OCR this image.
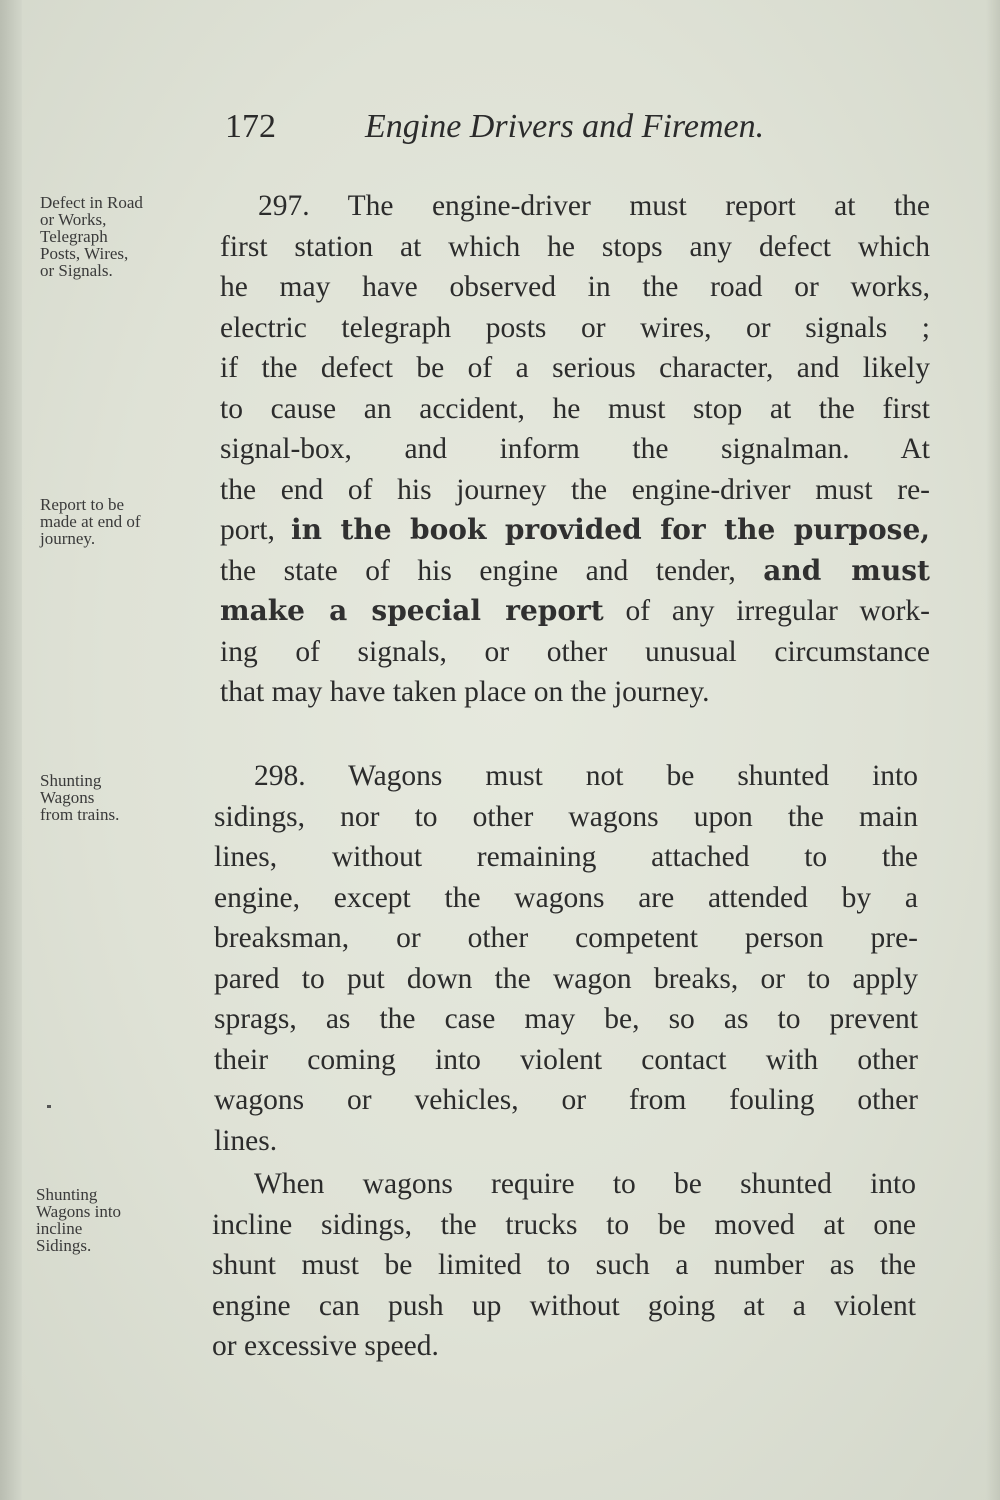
172	Engine Drivers and Firemen.
Defect in Road
or Works,
Telegraph
Posts, Wires,
or Signals.
Report to be
made at end of
journey.
Shunting
Wagons
from trains.
Shunting
Wagons into
incline
Sidings.
297. The engine-driver must report at the
first station at which he stops any defect which
he may have observed in the road or works,
electric telegraph posts or wires, or signals ;
if the defect be of a serious character, and likely
to cause an accident, he must stop at the first
signal-box, and inform the signalman. At
the end of his journey the engine-driver must re-
port, in the book provided for the purpose,
the state of his engine and tender, and must
make a special report of any irregular work-
ing of signals, or other unusual circumstance
that may have taken place on the journey.
298. Wagons must not be shunted into
sidings, nor to other wagons upon the main
lines, without remaining attached to the
engine, except the wagons are attended by a
breaksman, or other competent person pre-
pared to put down the wagon breaks, or to apply
sprags, as the case may be, so as to prevent
their coming into violent contact with other
wagons or vehicles, or from fouling other
lines.
When wagons require to be shunted into
incline sidings, the trucks to be moved at one
shunt must be limited to such a number as the
engine can push up without going at a violent
or excessive speed.
